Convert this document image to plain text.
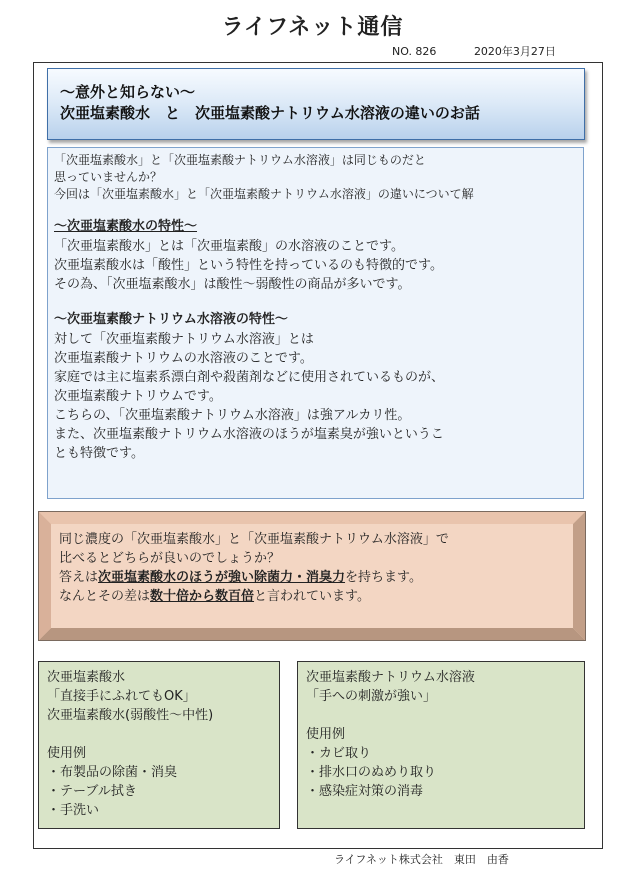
ライフネット通信
NO. 826	2020年3月27日
～意外と知らない～
次亜塩素酸水　と　次亜塩素酸ナトリウム水溶液の違いのお話

「次亜塩素酸水」と「次亜塩素酸ナトリウム水溶液」は同じものだと

思っていませんか？

今回は「次亜塩素酸水」と「次亜塩素酸ナトリウム水溶液」の違いについて解

～次亜塩素酸水の特性～
「次亜塩素酸水」とは「次亜塩素酸」の水溶液のことです。
次亜塩素酸水は「酸性」という特性を持っているのも特徴的です。
その為、「次亜塩素酸水」は酸性～弱酸性の商品が多いです。
～次亜塩素酸ナトリウム水溶液の特性～
対して「次亜塩素酸ナトリウム水溶液」とは
次亜塩素酸ナトリウムの水溶液のことです。
家庭では主に塩素系漂白剤や殺菌剤などに使用されているものが、
次亜塩素酸ナトリウムです。
こちらの、「次亜塩素酸ナトリウム水溶液」は強アルカリ性。
また、次亜塩素酸ナトリウム水溶液のほうが塩素臭が強いというこ
とも特徴です。
同じ濃度の「次亜塩素酸水」と「次亜塩素酸ナトリウム水溶液」で
比べるとどちらが良いのでしょうか？
答えは次亜塩素酸水のほうが強い除菌力・消臭力を持ちます。
なんとその差は数十倍から数百倍と言われています。
次亜塩素酸水
「直接手にふれてもOK」
次亜塩素酸水(弱酸性～中性)
使用例
・布製品の除菌・消臭
・テーブル拭き
・手洗い
次亜塩素酸ナトリウム水溶液
「手への刺激が強い」
使用例
・カビ取り
・排水口のぬめり取り
・感染症対策の消毒
ライフネット株式会社　東田　由香
